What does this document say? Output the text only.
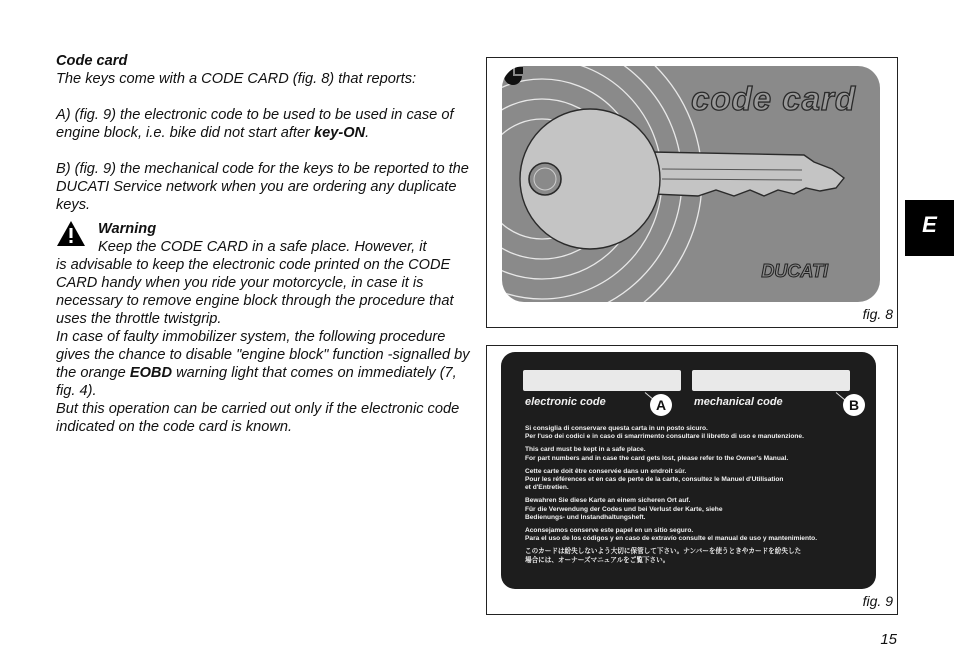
Code card

The keys come with a CODE CARD (fig. 8) that reports:

A) (fig. 9) the electronic code to be used to be used in case of engine block, i.e. bike did not start after key-ON.

B) (fig. 9) the mechanical code for the keys to be reported to the DUCATI Service network when you are ordering any duplicate keys.

Warning

Keep the CODE CARD in a safe place. However, it

is advisable to keep the electronic code printed on the CODE CARD handy when you ride your motorcycle, in case it is necessary to remove engine block through the procedure that uses the throttle twistgrip.

In case of faulty immobilizer system, the following procedure gives the chance to disable "engine block" function -signalled by the orange EOBD warning light that comes on immediately (7, fig. 4).

But this operation can be carried out only if the electronic code indicated on the code card is known.

code card
DUCATI
fig. 8
electronic code	mechanical code
A	B

Si consiglia di conservare questa carta in un posto sicuro.
Per l'uso dei codici e in caso di smarrimento consultare il libretto di uso e manutenzione.

This card must be kept in a safe place.
For part numbers and in case the card gets lost, please refer to the Owner's Manual.

Cette carte doit être conservée dans un endroit sûr.
Pour les références et en cas de perte de la carte, consultez le Manuel d'Utilisation
et d'Entretien.

Bewahren Sie diese Karte an einem sicheren Ort auf.
Für die Verwendung der Codes und bei Verlust der Karte, siehe
Bedienungs- und Instandhaltungsheft.

Aconsejamos conserve este papel en un sitio seguro.
Para el uso de los códigos y en caso de extravío consulte el manual de uso y mantenimiento.

このカードは紛失しないよう大切に保管して下さい。ナンバーを使うときやカードを紛失した
場合には、オーナーズマニュアルをご覧下さい。

fig. 9
E
15
